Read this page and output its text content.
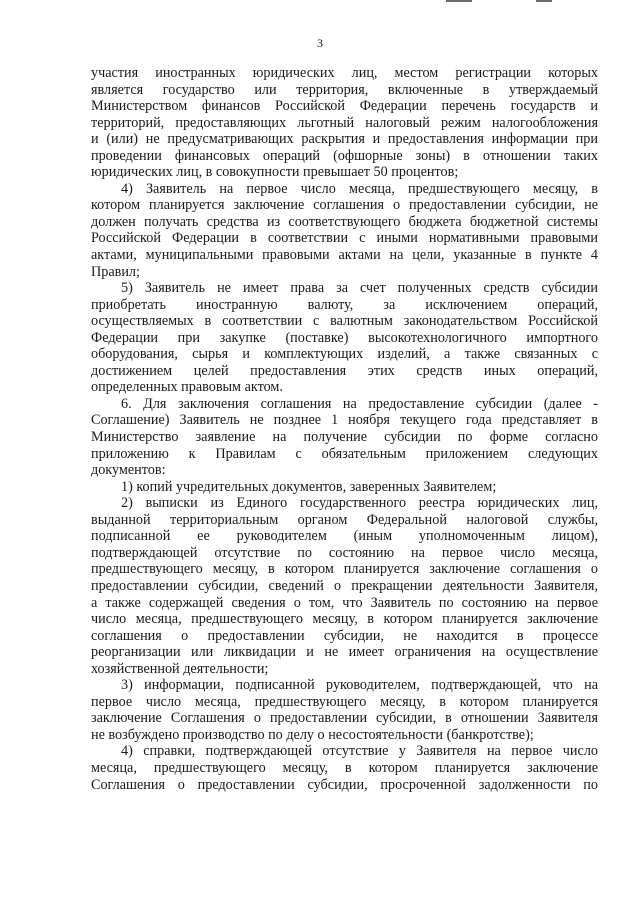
3
участия иностранных юридических лиц, местом регистрации которых
является государство или территория, включенные в утверждаемый
Министерством финансов Российской Федерации перечень государств и
территорий, предоставляющих льготный налоговый режим налогообложения
и (или) не предусматривающих раскрытия и предоставления информации при
проведении финансовых операций (офшорные зоны) в отношении таких
юридических лиц, в совокупности превышает 50 процентов;
4) Заявитель на первое число месяца, предшествующего месяцу, в
котором планируется заключение соглашения о предоставлении субсидии, не
должен получать средства из соответствующего бюджета бюджетной системы
Российской Федерации в соответствии с иными нормативными правовыми
актами, муниципальными правовыми актами на цели, указанные в пункте 4
Правил;
5) Заявитель не имеет права за счет полученных средств субсидии
приобретать иностранную валюту, за исключением операций,
осуществляемых в соответствии с валютным законодательством Российской
Федерации при закупке (поставке) высокотехнологичного импортного
оборудования, сырья и комплектующих изделий, а также связанных с
достижением целей предоставления этих средств иных операций,
определенных правовым актом.
6. Для заключения соглашения на предоставление субсидии (далее -
Соглашение) Заявитель не позднее 1 ноября текущего года представляет в
Министерство заявление на получение субсидии по форме согласно
приложению к Правилам с обязательным приложением следующих
документов:
1) копий учредительных документов, заверенных Заявителем;
2) выписки из Единого государственного реестра юридических лиц,
выданной территориальным органом Федеральной налоговой службы,
подписанной ее руководителем (иным уполномоченным лицом),
подтверждающей отсутствие по состоянию на первое число месяца,
предшествующего месяцу, в котором планируется заключение соглашения о
предоставлении субсидии, сведений о прекращении деятельности Заявителя,
а также содержащей сведения о том, что Заявитель по состоянию на первое
число месяца, предшествующего месяцу, в котором планируется заключение
соглашения о предоставлении субсидии, не находится в процессе
реорганизации или ликвидации и не имеет ограничения на осуществление
хозяйственной деятельности;
3) информации, подписанной руководителем, подтверждающей, что на
первое число месяца, предшествующего месяцу, в котором планируется
заключение Соглашения о предоставлении субсидии, в отношении Заявителя
не возбуждено производство по делу о несостоятельности (банкротстве);
4) справки, подтверждающей отсутствие у Заявителя на первое число
месяца, предшествующего месяцу, в котором планируется заключение
Соглашения о предоставлении субсидии, просроченной задолженности по
